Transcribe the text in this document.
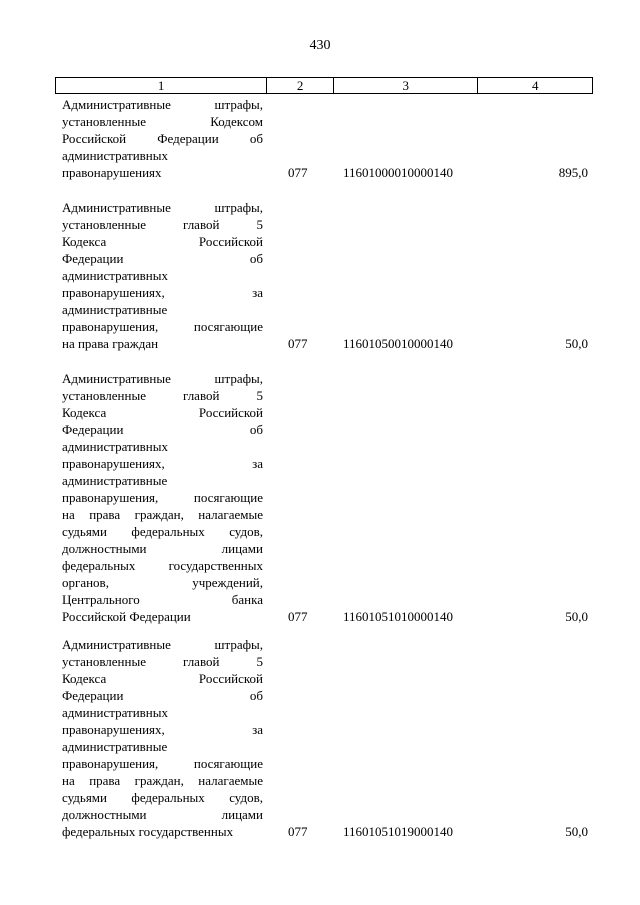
430
1	2	3	4
Административные	штрафы,
установленные	Кодексом
Российской Федерации об
административных
правонарушениях	077	11601000010000140	895,0
Административные	штрафы,
установленные	главой	5
Кодекса	Российской
Федерации	об
административных
правонарушениях,	за
административные
правонарушения,	посягающие
на права граждан	077	11601050010000140	50,0
Административные	штрафы,
установленные	главой	5
Кодекса	Российской
Федерации	об
административных
правонарушениях,	за
административные
правонарушения,	посягающие
на права граждан, налагаемые
судьями федеральных судов,
должностными	лицами
федеральных	государственных
органов,	учреждений,
Центрального	банка
Российской Федерации	077	11601051010000140	50,0
Административные	штрафы,
установленные	главой	5
Кодекса	Российской
Федерации	об
административных
правонарушениях,	за
административные
правонарушения,	посягающие
на права граждан, налагаемые
судьями федеральных судов,
должностными	лицами
федеральных государственных	077	11601051019000140	50,0
